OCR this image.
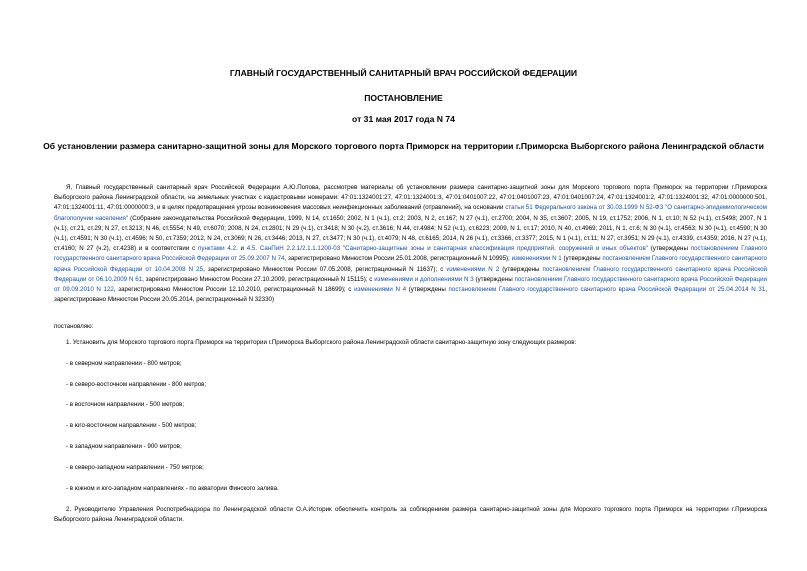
ГЛАВНЫЙ ГОСУДАРСТВЕННЫЙ САНИТАРНЫЙ ВРАЧ РОССИЙСКОЙ ФЕДЕРАЦИИ
ПОСТАНОВЛЕНИЕ
от 31 мая 2017 года N 74
Об установлении размера санитарно-защитной зоны для Морского торгового порта Приморск на территории г.Приморска Выборгского района Ленинградской области
Я, Главный государственный санитарный врач Российской Федерации А.Ю.Попова, рассмотрев материалы об установлении размера санитарно-защитной зоны для Морского торгового порта Приморск на территории г.Приморска Выборгского района Ленинградской области, на земельных участках с кадастровыми номерами: 47:01:1324001:27, 47:01:1324001:3, 47:01:0401007:22, 47:01:0401007:23, 47:01:0401007:24, 47:01:1324001:2, 47:01:1324001:32, 47:01:0000000:501, 47:01:1324001:11, 47:01:0000000:3, и в целях предотвращения угрозы возникновения массовых неинфекционных заболеваний (отравлений), на основании статьи 51 Федерального закона от 30.03.1999 N 52-ФЗ "О санитарно-эпидемиологическом благополучии населения" (Собрание законодательства Российской Федерации, 1999, N 14, ст.1650; 2002, N 1 (ч.1), ст.2; 2003, N 2, ст.167; N 27 (ч.1), ст.2700; 2004, N 35, ст.3607; 2005, N 19, ст.1752; 2006, N 1, ст.10; N 52 (ч.1), ст.5498; 2007, N 1 (ч.1), ст.21, ст.29; N 27, ст.3213; N 46, ст.5554; N 49, ст.6070; 2008, N 24, ст.2801; N 29 (ч.1), ст.3418; N 30 (ч.2), ст.3616; N 44, ст.4984; N 52 (ч.1), ст.6223; 2009, N 1, ст.17; 2010, N 40, ст.4969; 2011, N 1, ст.6; N 30 (ч.1), ст.4563; N 30 (ч.1), ст.4590; N 30 (ч.1), ст.4591; N 30 (ч.1), ст.4596; N 50, ст.7359; 2012, N 24, ст.3069; N 26, ст.3446; 2013, N 27, ст.3477; N 30 (ч.1), ст.4079; N 48, ст.6165; 2014, N 26 (ч.1), ст.3366, ст.3377; 2015, N 1 (ч.1), ст.11; N 27, ст.3951; N 29 (ч.1), ст.4339, ст.4359; 2016, N 27 (ч.1), ст.4160; N 27 (ч.2), ст.4238) и в соответствии с пунктами 4.2. и 4.5. СанПиН 2.2.1/2.1.1.1200-03 "Санитарно-защитные зоны и санитарная классификация предприятий, сооружений и иных объектов" (утверждены постановлением Главного государственного санитарного врача Российской Федерации от 25.09.2007 N 74, зарегистрировано Минюстом России 25.01.2008, регистрационный N 10995); изменениями N 1 (утверждены постановлением Главного государственного санитарного врача Российской Федерации от 10.04.2008 N 25, зарегистрировано Минюстом России 07.05.2008, регистрационный N 11637); с изменениями N 2 (утверждены постановлением Главного государственного санитарного врача Российской Федерации от 06.10.2009 N 61, зарегистрировано Минюстом России 27.10.2009, регистрационный N 15115); с изменениями и дополнениями N 3 (утверждены постановлением Главного государственного санитарного врача Российской Федерации от 09.09.2010 N 122, зарегистрировано Минюстом России 12.10.2010, регистрационный N 18699); с изменениями N 4 (утверждены постановлением Главного государственного санитарного врача Российской Федерации от 25.04.2014 N 31, зарегистрировано Минюстом России 20.05.2014, регистрационный N 32330)
постановляю:
1. Установить для Морского торгового порта Приморск на территории г.Приморска Выборгского района Ленинградской области санитарно-защитную зону следующих размеров:
- в северном направлении - 800 метров;
- в северо-восточном направлении - 800 метров;
- в восточном направлении - 500 метров;
- в юго-восточном направлении - 500 метров;
- в западном направлении - 900 метров;
- в северо-западном направлении - 750 метров;
- в южном и юго-западном направлениях - по акватории Финского залива.
2. Руководителю Управления Роспотребнадзора по Ленинградской области О.А.Историк обеспечить контроль за соблюдением размера санитарно-защитной зоны для Морского торгового порта Приморск на территории г.Приморска Выборгского района Ленинградской области.
